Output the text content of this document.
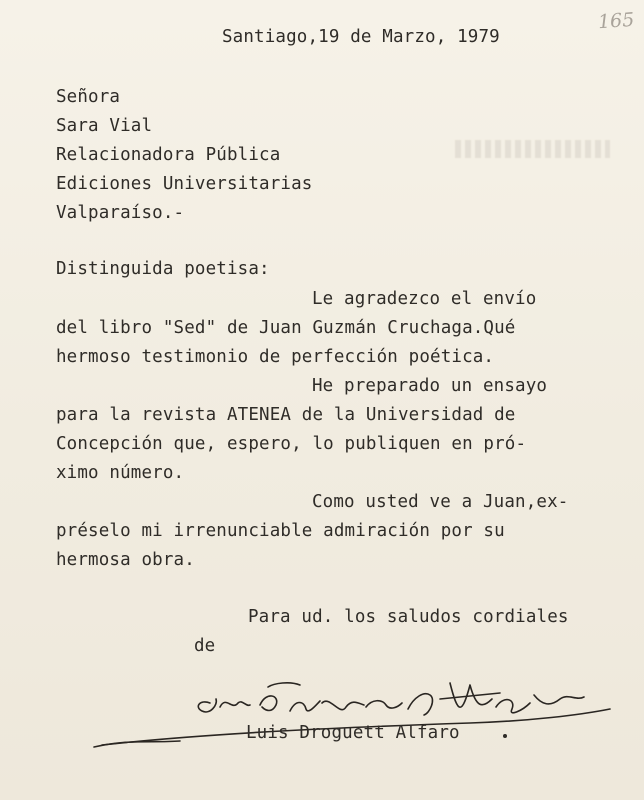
165
Santiago,19 de Marzo, 1979
Señora
Sara Vial
Relacionadora Pública
Ediciones Universitarias
Valparaíso.-
Distinguida poetisa:
Le agradezco el envío
del libro "Sed" de Juan Guzmán Cruchaga.Qué
hermoso testimonio de perfección poética.
He preparado un ensayo
para la revista ATENEA de la Universidad de
Concepción que, espero, lo publiquen en pró-
ximo número.
Como usted ve a Juan,ex-
préselo mi irrenunciable admiración por su
hermosa obra.
Para ud. los saludos cordiales
de
Luis Droguett Alfaro
